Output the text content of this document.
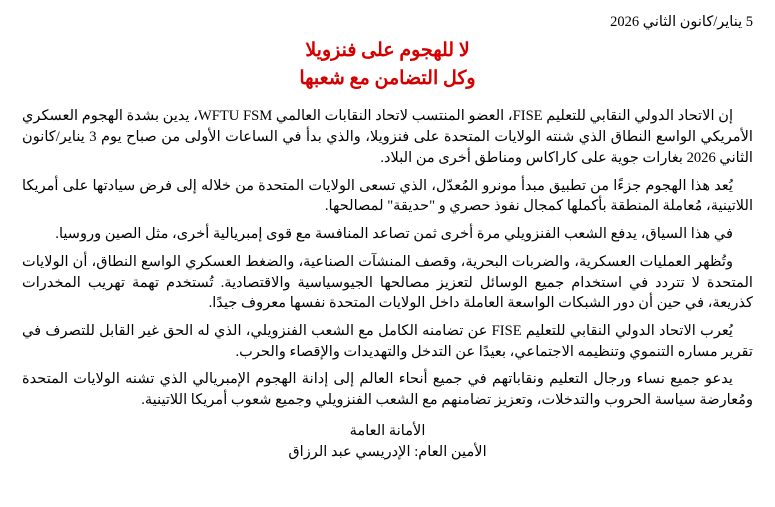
5 يناير/كانون الثاني 2026
لا للهجوم على فنزويلا
وكل التضامن مع شعبها

إن الاتحاد الدولي النقابي للتعليم FISE، العضو المنتسب لاتحاد النقابات العالمي WFTU FSM، يدين بشدة الهجوم العسكري الأمريكي الواسع النطاق الذي شنته الولايات المتحدة على فنزويلا، والذي بدأ في الساعات الأولى من صباح يوم 3 يناير/كانون الثاني 2026 بغارات جوية على كاراكاس ومناطق أخرى من البلاد.

يُعد هذا الهجوم جزءًا من تطبيق مبدأ مونرو المُعدّل، الذي تسعى الولايات المتحدة من خلاله إلى فرض سيادتها على أمريكا اللاتينية، مُعاملة المنطقة بأكملها كمجال نفوذ حصري و "حديقة" لمصالحها.

في هذا السياق، يدفع الشعب الفنزويلي مرة أخرى ثمن تصاعد المنافسة مع قوى إمبريالية أخرى، مثل الصين وروسيا.

وتُظهر العمليات العسكرية، والضربات البحرية، وقصف المنشآت الصناعية، والضغط العسكري الواسع النطاق، أن الولايات المتحدة لا تتردد في استخدام جميع الوسائل لتعزيز مصالحها الجيوسياسية والاقتصادية. تُستخدم تهمة تهريب المخدرات كذريعة، في حين أن دور الشبكات الواسعة العاملة داخل الولايات المتحدة نفسها معروف جيدًا.

يُعرب الاتحاد الدولي النقابي للتعليم FISE عن تضامنه الكامل مع الشعب الفنزويلي، الذي له الحق غير القابل للتصرف في تقرير مساره التنموي وتنظيمه الاجتماعي، بعيدًا عن التدخل والتهديدات والإقصاء والحرب.

يدعو جميع نساء ورجال التعليم ونقاباتهم في جميع أنحاء العالم إلى إدانة الهجوم الإمبريالي الذي تشنه الولايات المتحدة ومُعارضة سياسة الحروب والتدخلات، وتعزيز تضامنهم مع الشعب الفنزويلي وجميع شعوب أمريكا اللاتينية.

الأمانة العامة
الأمين العام: الإدريسي عبد الرزاق
